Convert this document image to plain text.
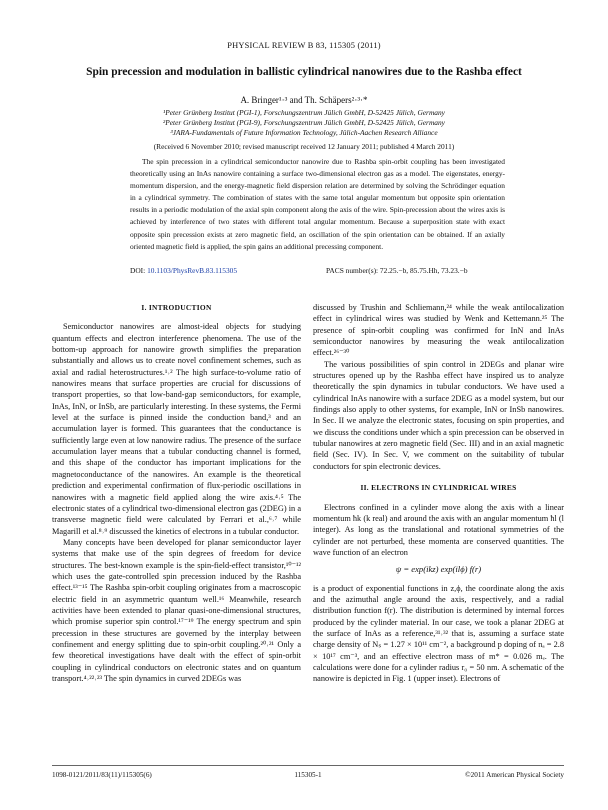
PHYSICAL REVIEW B 83, 115305 (2011)
Spin precession and modulation in ballistic cylindrical nanowires due to the Rashba effect
A. Bringer¹·³ and Th. Schäpers²·³·*
¹Peter Grünberg Institut (PGI-1), Forschungszentrum Jülich GmbH, D-52425 Jülich, Germany
²Peter Grünberg Institut (PGI-9), Forschungszentrum Jülich GmbH, D-52425 Jülich, Germany
³JARA-Fundamentals of Future Information Technology, Jülich-Aachen Research Alliance
(Received 6 November 2010; revised manuscript received 12 January 2011; published 4 March 2011)

The spin precession in a cylindrical semiconductor nanowire due to Rashba spin-orbit coupling has been investigated theoretically using an InAs nanowire containing a surface two-dimensional electron gas as a model. The eigenstates, energy-momentum dispersion, and the energy-magnetic field dispersion relation are determined by solving the Schrödinger equation in a cylindrical symmetry. The combination of states with the same total angular momentum but opposite spin orientation results in a periodic modulation of the axial spin component along the axis of the wire. Spin-precession about the wires axis is achieved by interference of two states with different total angular momentum. Because a superposition state with exact opposite spin precession exists at zero magnetic field, an oscillation of the spin orientation can be obtained. If an axially oriented magnetic field is applied, the spin gains an additional precessing component.

DOI: 10.1103/PhysRevB.83.115305	PACS number(s): 72.25.−b, 85.75.Hh, 73.23.−b
I. INTRODUCTION

Semiconductor nanowires are almost-ideal objects for studying quantum effects and electron interference phenomena. The use of the bottom-up approach for nanowire growth simplifies the preparation substantially and allows us to create novel confinement schemes, such as axial and radial heterostructures.¹˒² The high surface-to-volume ratio of nanowires means that surface properties are crucial for discussions of transport properties, so that low-band-gap semiconductors, for example, InAs, InN, or InSb, are particularly interesting. In these systems, the Fermi level at the surface is pinned inside the conduction band,³ and an accumulation layer is formed. This guarantees that the conductance is sufficiently large even at low nanowire radius. The presence of the surface accumulation layer means that a tubular conducting channel is formed, and this shape of the conductor has important implications for the magnetoconductance of the nanowires. An example is the theoretical prediction and experimental confirmation of flux-periodic oscillations in nanowires with a magnetic field applied along the wire axis.⁴˒⁵ The electronic states of a cylindrical two-dimensional electron gas (2DEG) in a transverse magnetic field were calculated by Ferrari et al.,⁶˒⁷ while Magarill et al.⁸˒⁹ discussed the kinetics of electrons in a tubular conductor.

Many concepts have been developed for planar semiconductor layer systems that make use of the spin degrees of freedom for device structures. The best-known example is the spin-field-effect transistor,¹⁰⁻¹² which uses the gate-controlled spin precession induced by the Rashba effect.¹³⁻¹⁵ The Rashba spin-orbit coupling originates from a macroscopic electric field in an asymmetric quantum well.¹⁶ Meanwhile, research activities have been extended to planar quasi-one-dimensional structures, which promise superior spin control.¹⁷⁻¹⁹ The energy spectrum and spin precession in these structures are governed by the interplay between confinement and energy splitting due to spin-orbit coupling.²⁰˒²¹ Only a few theoretical investigations have dealt with the effect of spin-orbit coupling in cylindrical conductors on electronic states and on quantum transport.⁴˒²²˒²³ The spin dynamics in curved 2DEGs was

discussed by Trushin and Schliemann,²⁴ while the weak antilocalization effect in cylindrical wires was studied by Wenk and Kettemann.²⁵ The presence of spin-orbit coupling was confirmed for InN and InAs semiconductor nanowires by measuring the weak antilocalization effect.²⁶⁻³⁰

The various possibilities of spin control in 2DEGs and planar wire structures opened up by the Rashba effect have inspired us to analyze theoretically the spin dynamics in tubular conductors. We have used a cylindrical InAs nanowire with a surface 2DEG as a model system, but our findings also apply to other systems, for example, InN or InSb nanowires. In Sec. II we analyze the electronic states, focusing on spin properties, and we discuss the conditions under which a spin precession can be observed in tubular nanowires at zero magnetic field (Sec. III) and in an axial magnetic field (Sec. IV). In Sec. V, we comment on the suitability of tubular conductors for spin electronic devices.

II. ELECTRONS IN CYLINDRICAL WIRES

Electrons confined in a cylinder move along the axis with a linear momentum ħk (k real) and around the axis with an angular momentum ħl (l integer). As long as the translational and rotational symmetries of the cylinder are not perturbed, these momenta are conserved quantities. The wave function of an electron

ψ = exp(ikz) exp(ilϕ) f(r)

is a product of exponential functions in z,ϕ, the coordinate along the axis and the azimuthal angle around the axis, respectively, and a radial distribution function f(r). The distribution is determined by internal forces produced by the cylinder material. In our case, we took a planar 2DEG at the surface of InAs as a reference,³¹˒³² that is, assuming a surface state charge density of Nₛ = 1.27 × 10¹¹ cm⁻², a background p doping of nₐ = 2.8 × 10¹⁷ cm⁻³, and an effective electron mass of m* = 0.026 mₑ. The calculations were done for a cylinder radius r₀ = 50 nm. A schematic of the nanowire is depicted in Fig. 1 (upper inset). Electrons of

1098-0121/2011/83(11)/115305(6)	115305-1	©2011 American Physical Society
